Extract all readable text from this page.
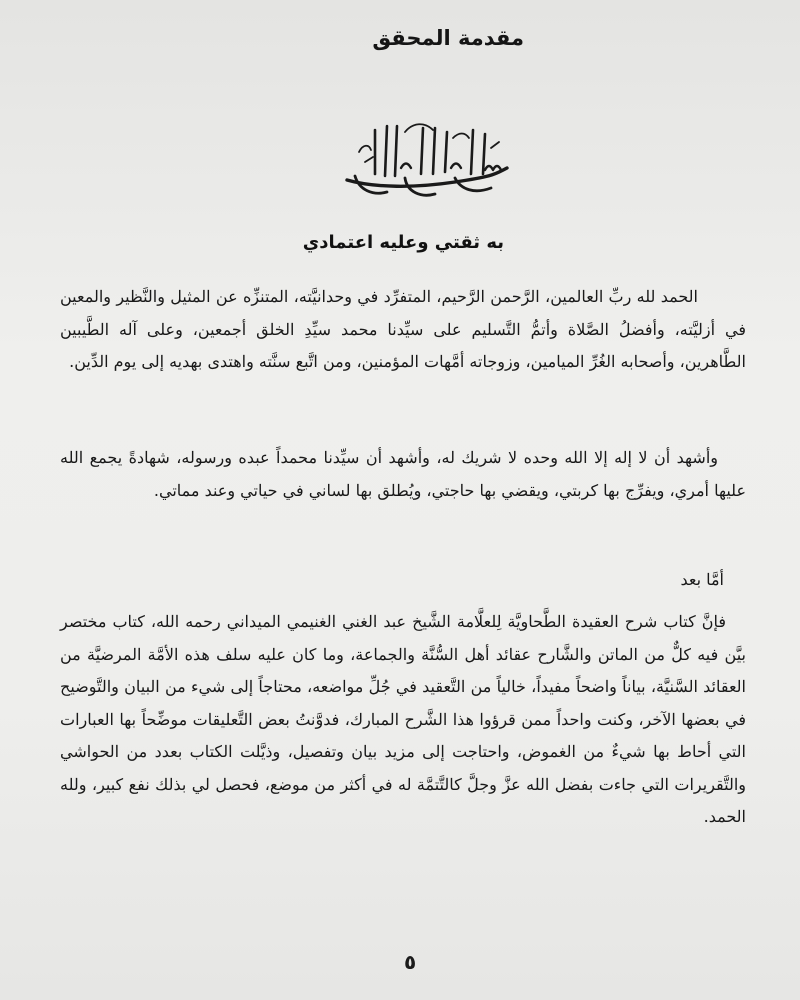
مقدمة المحقق
به ثقتي وعليه اعتمادي

الحمد لله ربِّ العالمين، الرَّحمن الرَّحيم، المتفرِّد في وحدانيَّته، المتنزِّه عن المثيل والنَّظير والمعين في أزليَّته، وأفضلُ الصَّلاة وأتمُّ التَّسليم على سيِّدنا محمد سيِّدِ الخلق أجمعين، وعلى آله الطَّيبين الطَّاهرين، وأصحابه الغُرِّ الميامين، وزوجاته أمَّهات المؤمنين، ومن اتَّبع سنَّته واهتدى بهديه إلى يوم الدِّين.

وأشهد أن لا إله إلا الله وحده لا شريك له، وأشهد أن سيِّدنا محمداً عبده ورسوله، شهادةً يجمع الله عليها أمري، ويفرِّج بها كربتي، ويقضي بها حاجتي، ويُطلق بها لساني في حياتي وعند مماتي.

أمَّا بعد

فإنَّ كتاب شرح العقيدة الطَّحاويَّة لِلعلَّامة الشَّيخ عبد الغني الغنيمي الميداني رحمه الله، كتاب مختصر بيَّن فيه كلٌّ من الماتن والشَّارح عقائد أهل السُّنَّة والجماعة، وما كان عليه سلف هذه الأمَّة المرضيَّة من العقائد السَّنيَّة، بياناً واضحاً مفيداً، خالياً من التَّعقيد في جُلِّ مواضعه، محتاجاً إلى شيء من البيان والتَّوضيح في بعضها الآخر، وكنت واحداً ممن قرؤوا هذا الشَّرح المبارك، فدوَّنتُ بعض التَّعليقات موضِّحاً بها العبارات التي أحاط بها شيءٌ من الغموض، واحتاجت إلى مزيد بيان وتفصيل، وذيَّلت الكتاب بعدد من الحواشي والتَّقريرات التي جاءت بفضل الله عزَّ وجلَّ كالتَّتمَّة له في أكثر من موضع، فحصل لي بذلك نفع كبير، ولله الحمد.

٥
